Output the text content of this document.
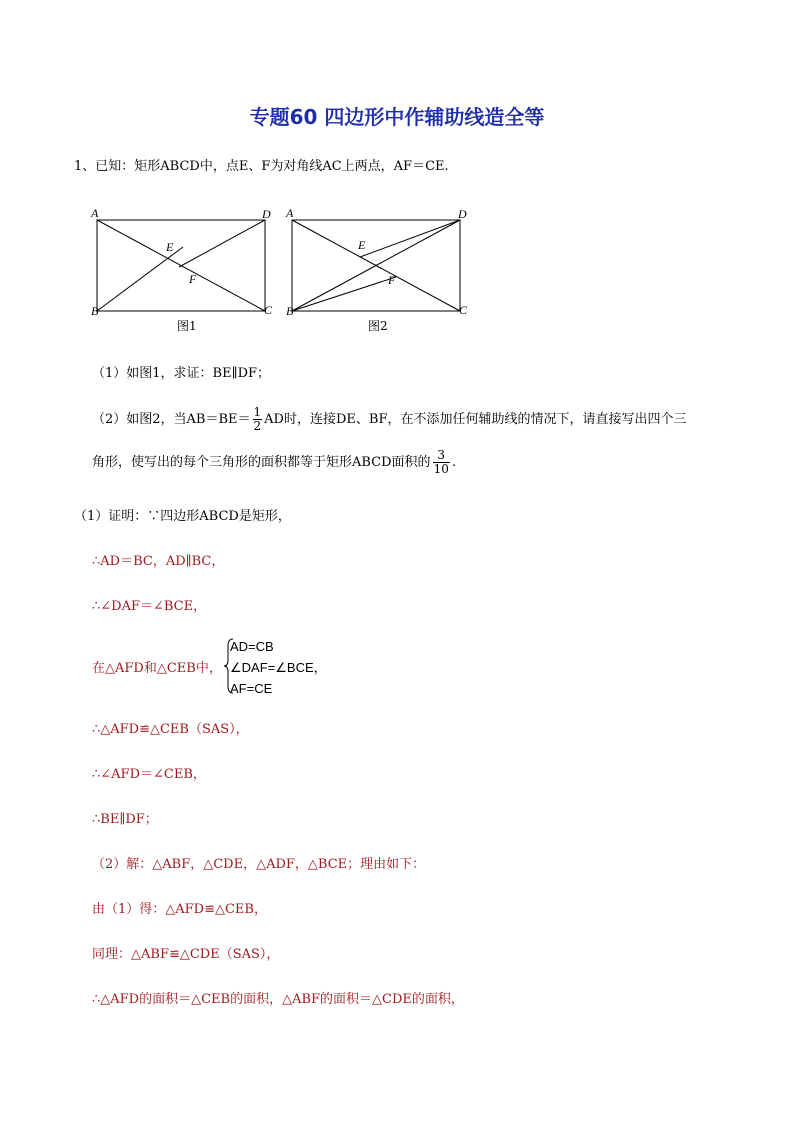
专题60 四边形中作辅助线造全等
1、已知：矩形ABCD中，点E、F为对角线AC上两点，AF＝CE.
A	D
B	C
E
F
图1
A	D
B	C
E
F
图2
（1）如图1，求证：BE∥DF；
（2）如图2，当$AB=BE= \frac{1}{2}$ AD时，连接DE、BF，在不添加任何辅助线的情况下，请直接写出四个三
角形，使写出的每个三角形的面积都等于矩形ABCD面积的 $\frac{3}{10}$ .
（1）证明：∵四边形ABCD是矩形，
∴AD＝BC，AD∥BC，
∴∠DAF＝∠BCE，
在△AFD和△CEB中，
AD=CB
∠DAF=∠BCE，
AF=CE
∴△AFD≌△CEB（SAS），
∴∠AFD＝∠CEB，
∴BE∥DF；
（2）解：△ABF，△CDE，△ADF，△BCE；理由如下：
由（1）得：△AFD≌△CEB，
同理：△ABF≌△CDE（SAS），
∴△AFD的面积＝△CEB的面积，△ABF的面积＝△CDE的面积，
